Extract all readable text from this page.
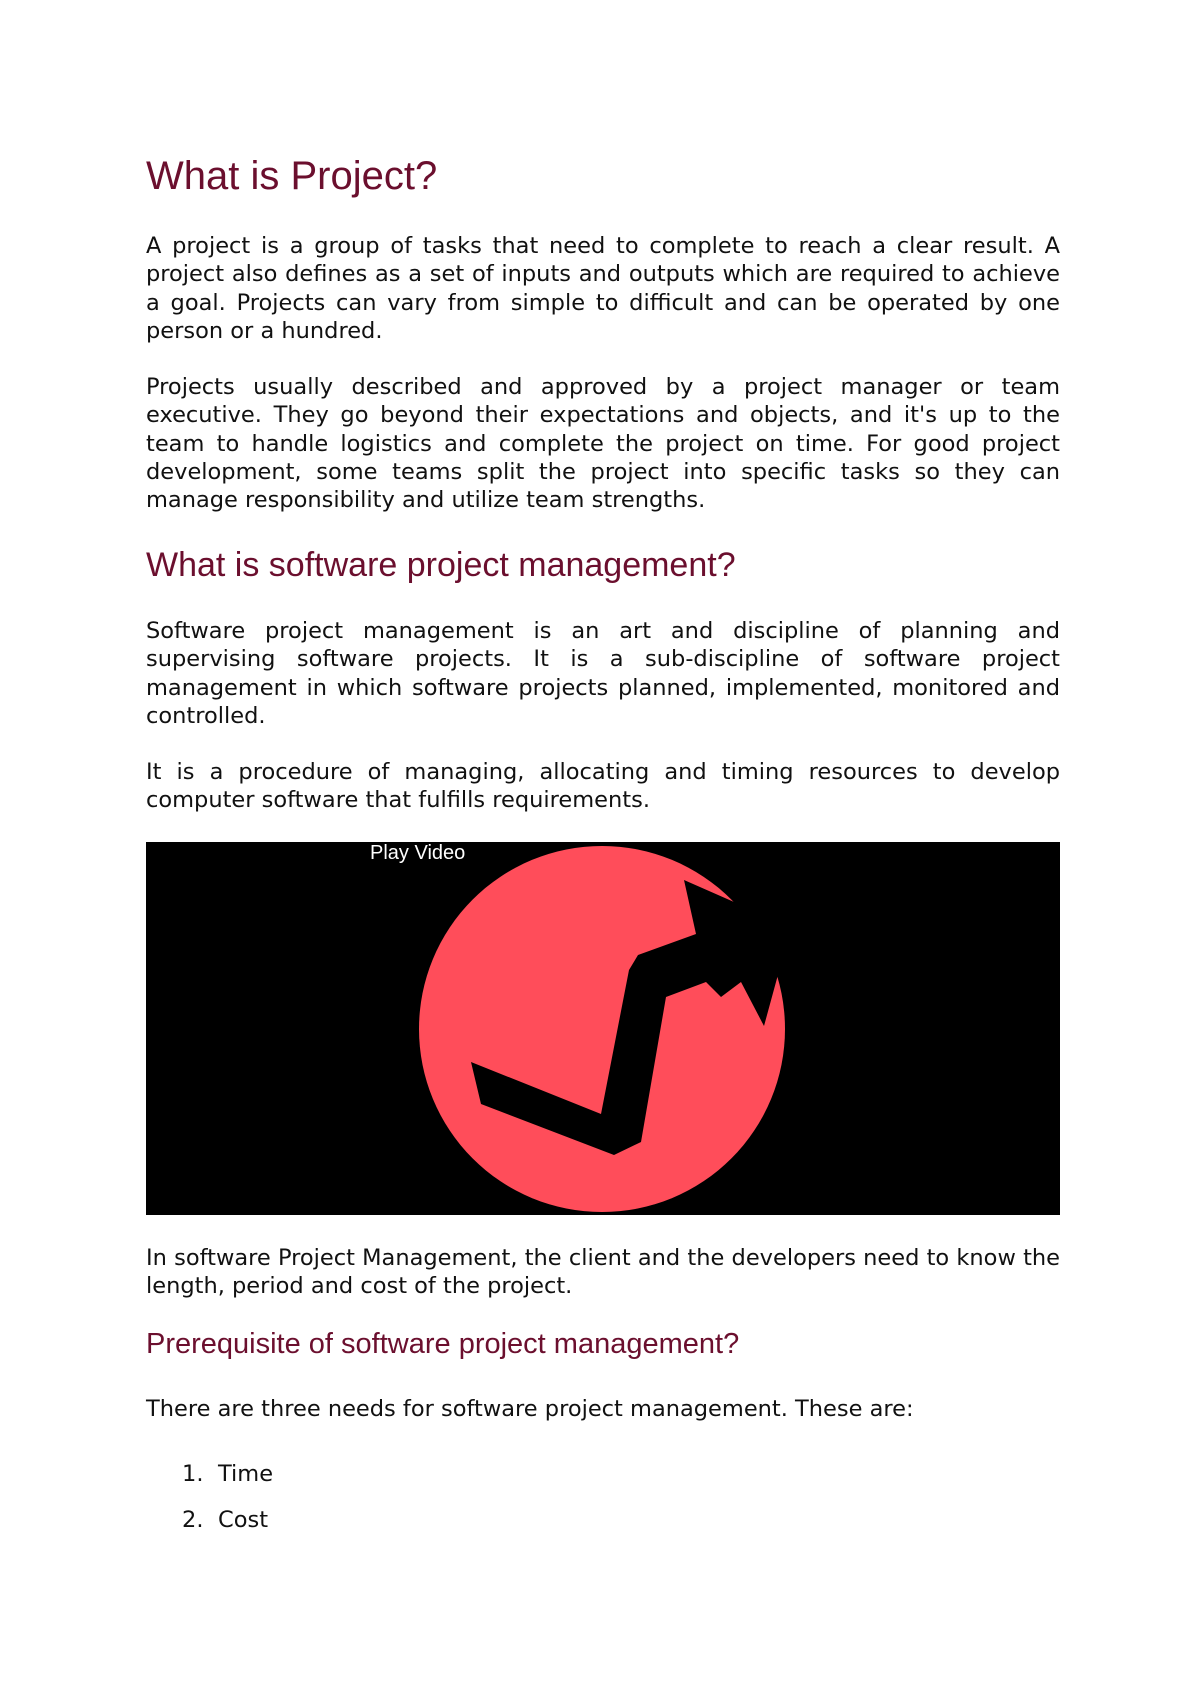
What is Project?

A project is a group of tasks that need to complete to reach a clear result. A project also defines as a set of inputs and outputs which are required to achieve a goal. Projects can vary from simple to difficult and can be operated by one person or a hundred.

Projects usually described and approved by a project manager or team executive. They go beyond their expectations and objects, and it's up to the team to handle logistics and complete the project on time. For good project development, some teams split the project into specific tasks so they can manage responsibility and utilize team strengths.

What is software project management?

Software project management is an art and discipline of planning and supervising software projects. It is a sub-discipline of software project management in which software projects planned, implemented, monitored and controlled.

It is a procedure of managing, allocating and timing resources to develop computer software that fulfills requirements.

Play Video

In software Project Management, the client and the developers need to know the length, period and cost of the project.

Prerequisite of software project management?

There are three needs for software project management. These are:

1. Time
2. Cost
